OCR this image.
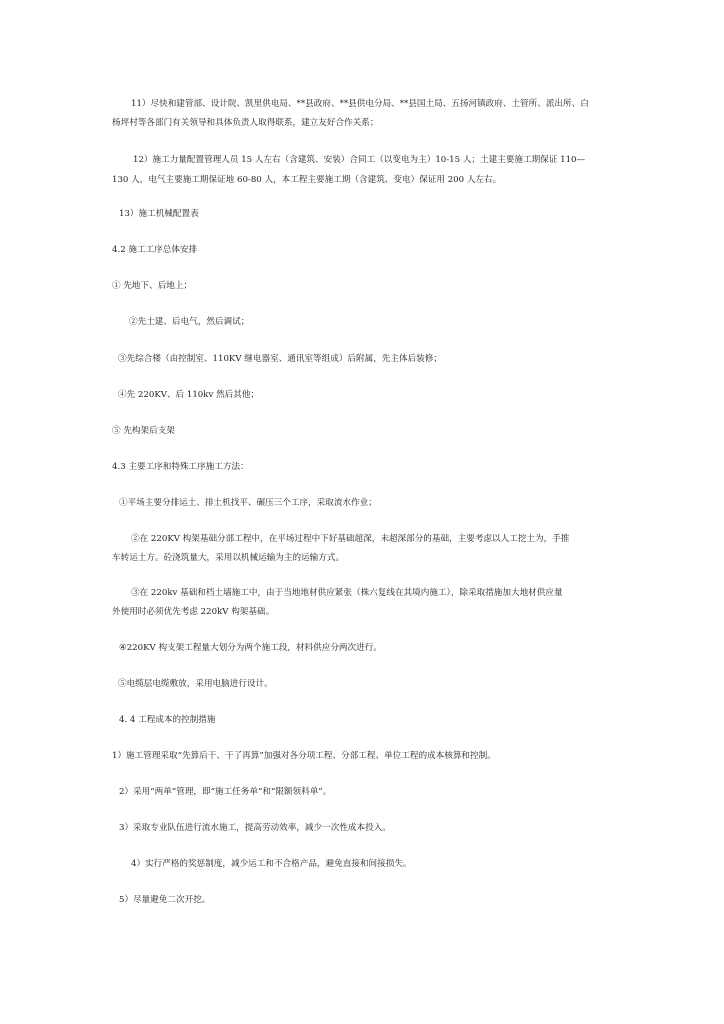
11）尽快和建管部、设计院、凯里供电局、**县政府、**县供电分局、**县国土局、五扬河镇政府、土管所、派出所、白

杨坪村等各部门有关领导和具体负责人取得联系，建立友好合作关系；

12）施工力量配置管理人员 15 人左右（含建筑、安装）合同工（以变电为主）10-15 人；土建主要施工期保证 110—

130 人，电气主要施工期保证地 60-80 人，本工程主要施工期（含建筑、变电）保证用 200 人左右。

13）施工机械配置表

4.2 施工工序总体安排

① 先地下、后地上；

②先土建、后电气，然后调试；

③先综合楼（由控制室、110KV 继电器室、通讯室等组成）后附属，先主体后装修；

④先 220KV、后 110kv 然后其他；

⑤ 先构架后支架

4.3 主要工序和特殊工序施工方法：

①平场主要分排运土、排土机找平、碾压三个工序，采取流水作业；

②在 220KV 构架基础分部工程中，在平场过程中下好基础超深，未超深部分的基础，主要考虑以人工挖土为，手推

车转运土方。砼浇筑量大，采用以机械运输为主的运输方式。

③在 220kv 基础和档土墙施工中，由于当地地材供应紧张（株六复线在其境内施工），除采取措施加大地材供应量

外使用时必须优先考虑 220kV 构架基础。

④220KV 构支架工程量大划分为两个施工段，材料供应分两次进行。

⑤电缆层电缆敷放，采用电脑进行设计。

4. 4 工程成本的控制措施

1）施工管理采取“先算后干、干了再算”加强对各分项工程、分部工程、单位工程的成本核算和控制。

2）采用“两单”管理，即“施工任务单”和“限额领料单”。

3）采取专业队伍进行流水施工，提高劳动效率，减少一次性成本投入。

4）实行严格的奖惩制度，减少运工和不合格产品，避免直接和间接损失。

5）尽量避免二次开挖。
